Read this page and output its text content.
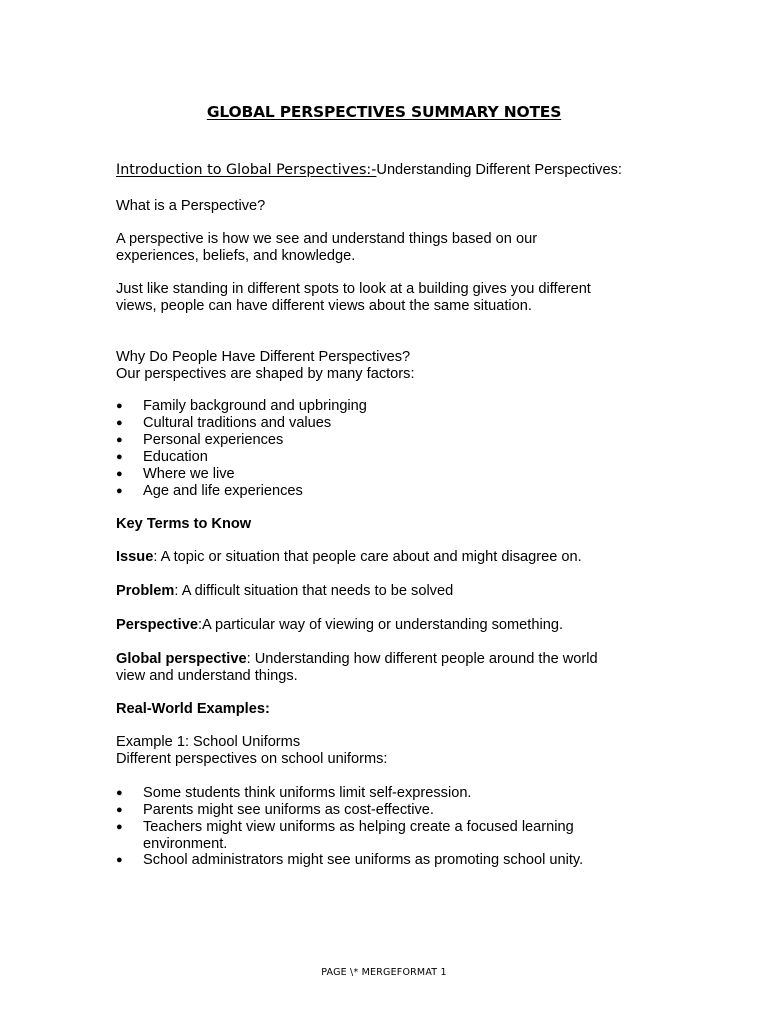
GLOBAL PERSPECTIVES SUMMARY NOTES
Introduction to Global Perspectives:-Understanding Different Perspectives:
What is a Perspective?
A perspective is how we see and understand things based on our
experiences, beliefs, and knowledge.
Just like standing in different spots to look at a building gives you different
views, people can have different views about the same situation.
Why Do People Have Different Perspectives?
Our perspectives are shaped by many factors:
● Family background and upbringing
● Cultural traditions and values
● Personal experiences
● Education
● Where we live
● Age and life experiences
Key Terms to Know
Issue: A topic or situation that people care about and might disagree on.
Problem: A difficult situation that needs to be solved
Perspective:A particular way of viewing or understanding something.
Global perspective: Understanding how different people around the world
view and understand things.
Real-World Examples:
Example 1: School Uniforms
Different perspectives on school uniforms:
● Some students think uniforms limit self-expression.
● Parents might see uniforms as cost-effective.
● Teachers might view uniforms as helping create a focused learning
environment.
● School administrators might see uniforms as promoting school unity.
PAGE \* MERGEFORMAT 1
